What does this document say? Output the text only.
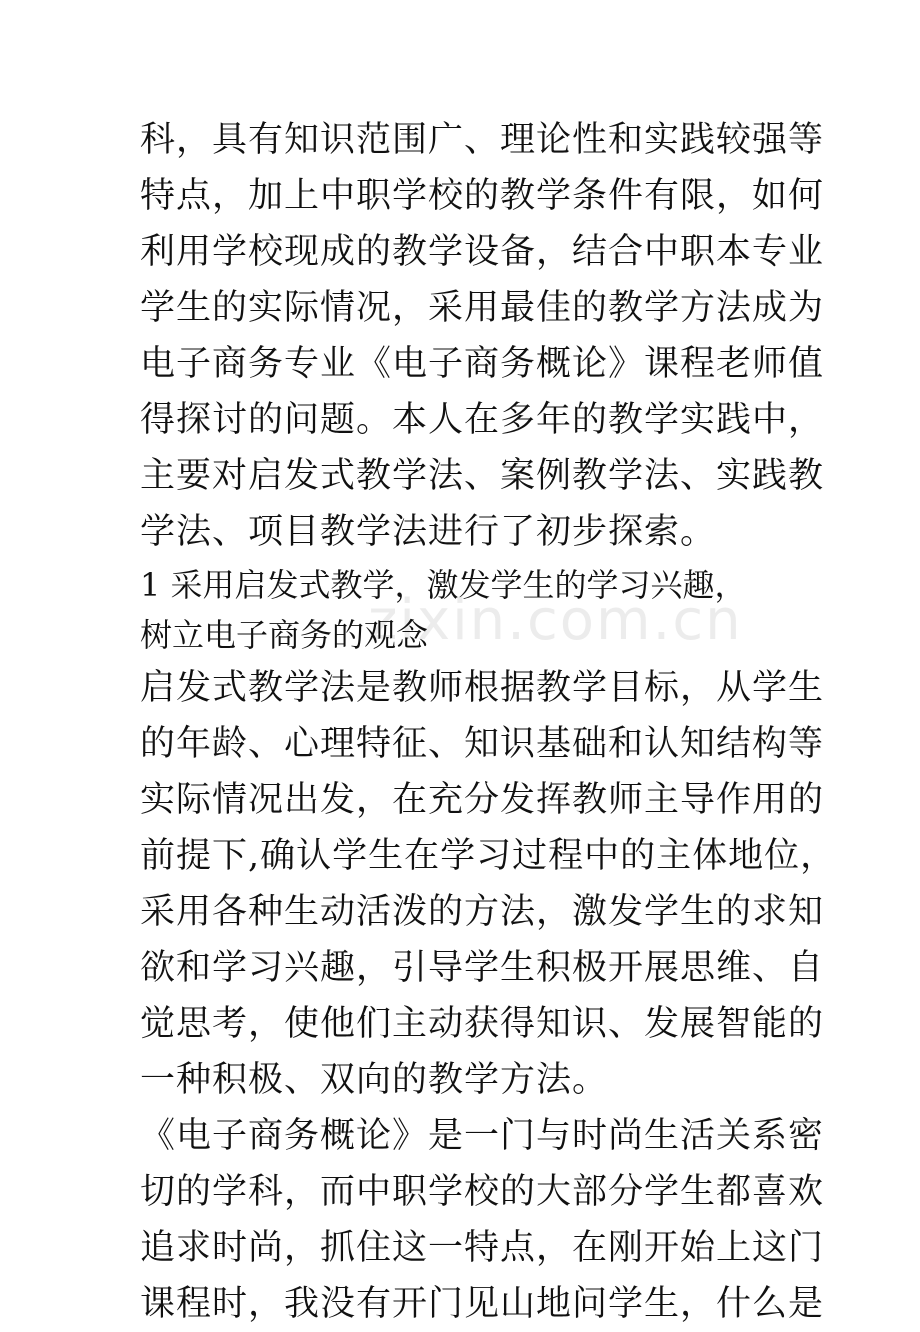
zixin.com.cn
科，具有知识范围广、理论性和实践较强等
特点，加上中职学校的教学条件有限，如何
利用学校现成的教学设备，结合中职本专业
学生的实际情况，采用最佳的教学方法成为
电子商务专业《电子商务概论》课程老师值
得探讨的问题。本人在多年的教学实践中，
主要对启发式教学法、案例教学法、实践教
学法、项目教学法进行了初步探索。
1 采用启发式教学，激发学生的学习兴趣，
树立电子商务的观念
启发式教学法是教师根据教学目标，从学生
的年龄、心理特征、知识基础和认知结构等
实际情况出发，在充分发挥教师主导作用的
前提下,确认学生在学习过程中的主体地位，
采用各种生动活泼的方法，激发学生的求知
欲和学习兴趣，引导学生积极开展思维、自
觉思考，使他们主动获得知识、发展智能的
一种积极、双向的教学方法。
《电子商务概论》是一门与时尚生活关系密
切的学科，而中职学校的大部分学生都喜欢
追求时尚，抓住这一特点，在刚开始上这门
课程时，我没有开门见山地问学生，什么是
